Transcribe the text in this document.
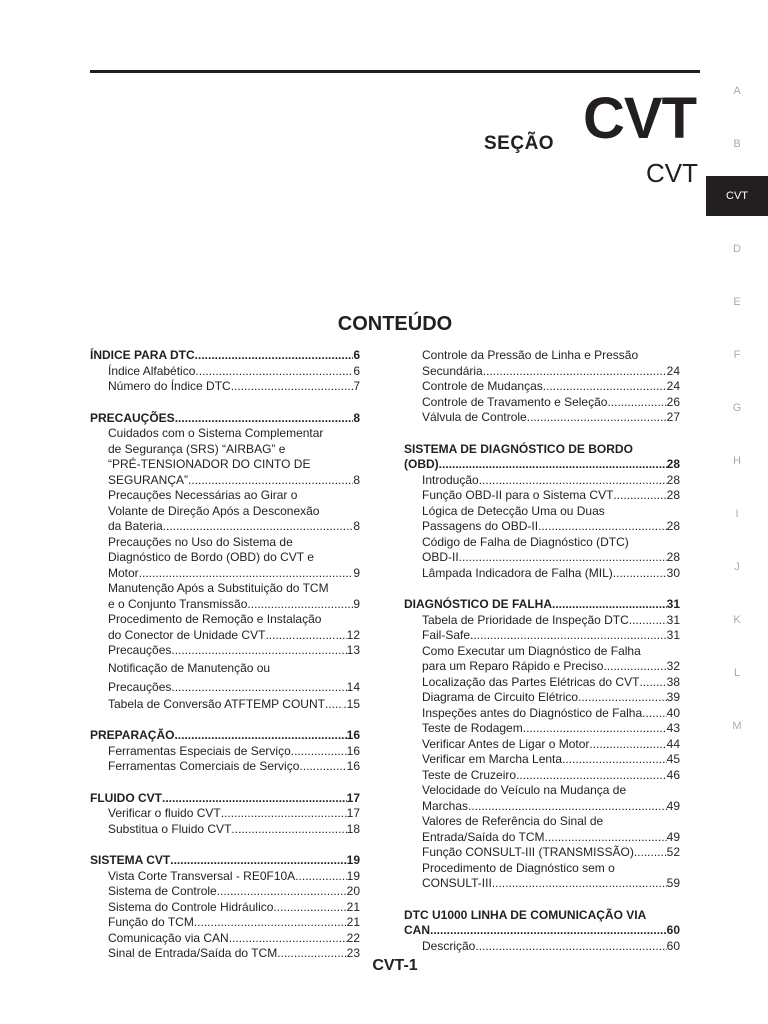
SEÇÃO CVT
CVT
A
B
CVT
D
E
F
G
H
I
J
K
L
M
CONTEÚDO
ÍNDICE PARA DTC .....	6
Índice Alfabético .....	6
Número do Índice DTC .....	7
PRECAUÇÕES .....	8
Cuidados com o Sistema Complementar
de Segurança (SRS) “AIRBAG” e
“PRÉ-TENSIONADOR DO CINTO DE
SEGURANÇA”. .....	8
Precauções Necessárias ao Girar o
Volante de Direção Após a Desconexão
da Bateria .....	8
Precauções no Uso do Sistema de
Diagnóstico de Bordo (OBD) do CVT e
Motor .....	9
Manutenção Após a Substituição do TCM
e o Conjunto Transmissão .....	9
Procedimento de Remoção e Instalação
do Conector de Unidade CVT .....	12
Precauções .....	13
Notificação de Manutenção ou
Precauções .....	14
Tabela de Conversão ATFTEMP COUNT ..... .15
PREPARAÇÃO .....	16
Ferramentas Especiais de Serviço .....	16
Ferramentas Comerciais de Serviço .....	16
FLUIDO CVT .....	17
Verificar o fluido CVT .....	17
Substitua o Fluido CVT .....	18
SISTEMA CVT .....	19
Vista Corte Transversal - RE0F10A .....	19
Sistema de Controle .....	20
Sistema do Controle Hidráulico .....	21
Função do TCM .....	21
Comunicação via CAN .....	22
Sinal de Entrada/Saída do TCM .....	23
Controle da Pressão de Linha e Pressão
Secundária .....	24
Controle de Mudanças .....	24
Controle de Travamento e Seleção .....	26
Válvula de Controle .....	27
SISTEMA DE DIAGNÓSTICO DE BORDO
(OBD) .....	28
Introdução .....	28
Função OBD-II para o Sistema CVT .....	28
Lógica de Detecção Uma ou Duas
Passagens do OBD-II .....	28
Código de Falha de Diagnóstico (DTC)
OBD-II .....	28
Lâmpada Indicadora de Falha (MIL) .....	30
DIAGNÓSTICO DE FALHA .....	31
Tabela de Prioridade de Inspeção DTC .....	31
Fail-Safe .....	31
Como Executar um Diagnóstico de Falha
para um Reparo Rápido e Preciso .....	32
Localização das Partes Elétricas do CVT ..... 38
Diagrama de Circuito Elétrico .....	39
Inspeções antes do Diagnóstico de Falha ..... 40
Teste de Rodagem .....	43
Verificar Antes de Ligar o Motor .....	44
Verificar em Marcha Lenta .....	45
Teste de Cruzeiro .....	46
Velocidade do Veículo na Mudança de
Marchas .....	49
Valores de Referência do Sinal de
Entrada/Saída do TCM .....	49
Função CONSULT-III (TRANSMISSÃO) .....	52
Procedimento de Diagnóstico sem o
CONSULT-III .....	59
DTC U1000 LINHA DE COMUNICAÇÃO VIA
CAN .....	60
Descrição .....	60
CVT-1
